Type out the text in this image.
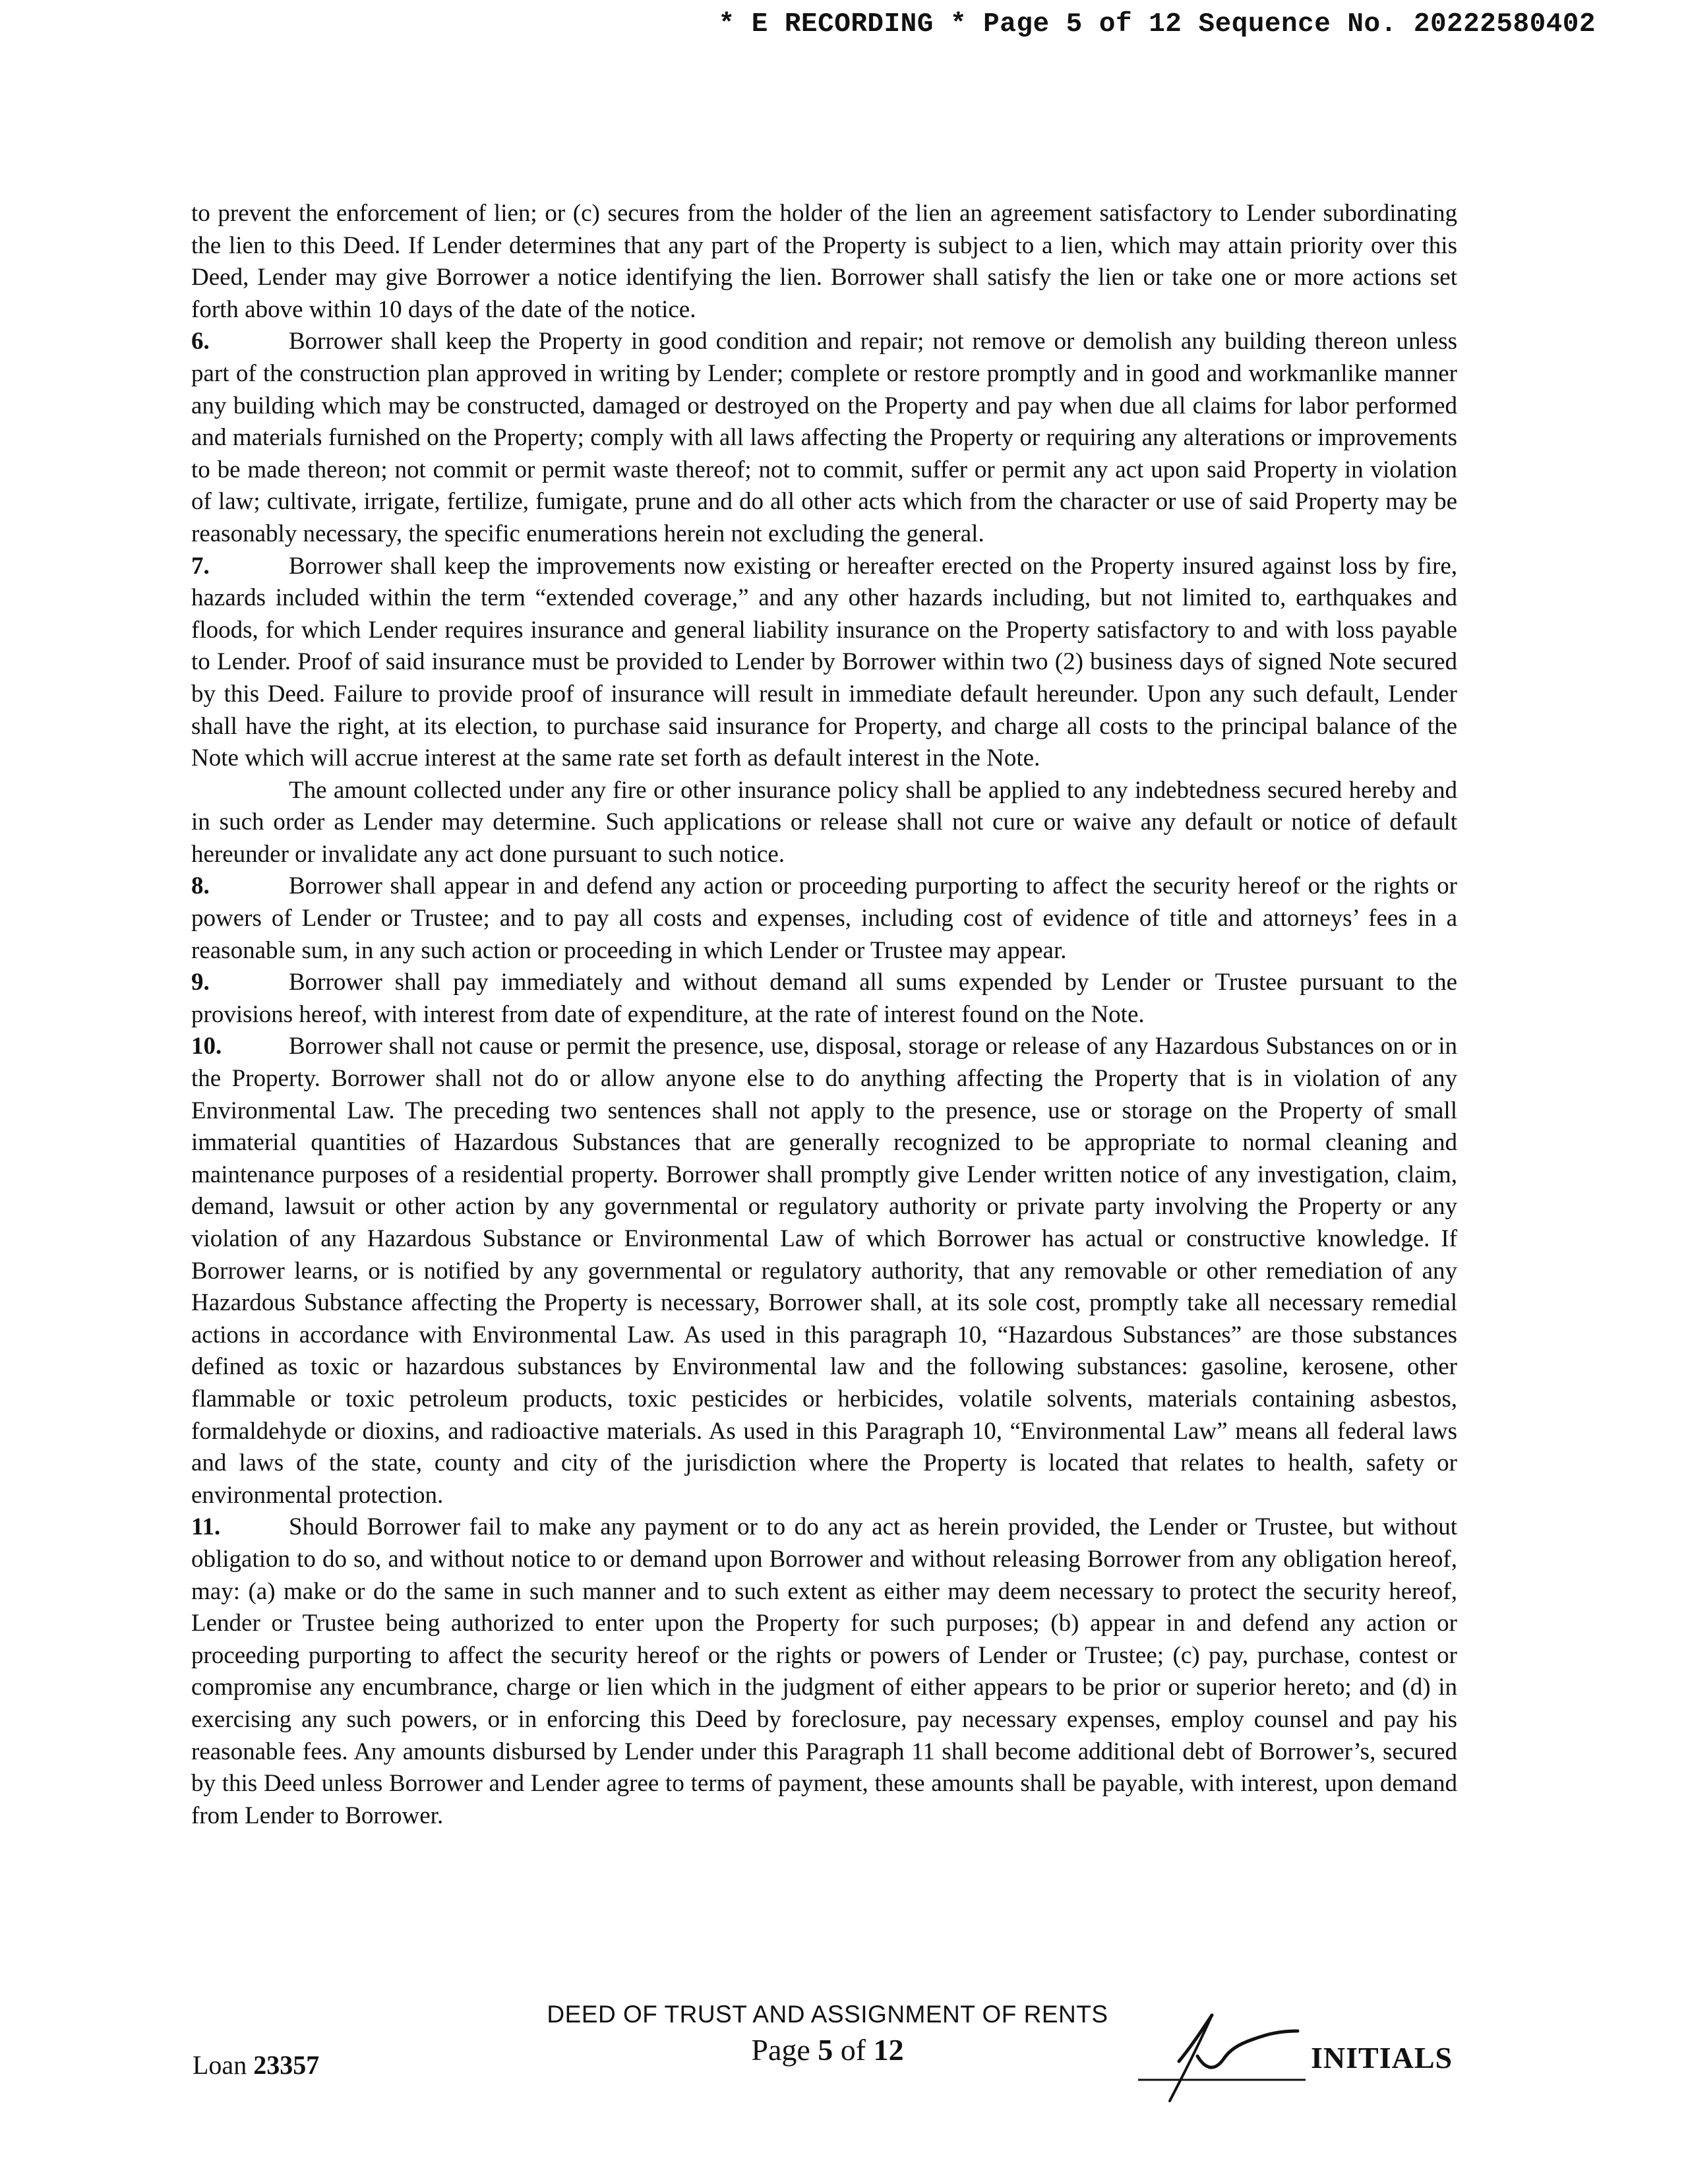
* E RECORDING * Page 5 of 12 Sequence No. 20222580402

to prevent the enforcement of lien; or (c) secures from the holder of the lien an agreement satisfactory to Lender subordinating the lien to this Deed. If Lender determines that any part of the Property is subject to a lien, which may attain priority over this Deed, Lender may give Borrower a notice identifying the lien. Borrower shall satisfy the lien or take one or more actions set forth above within 10 days of the date of the notice.

6.	Borrower shall keep the Property in good condition and repair; not remove or demolish any building thereon unless part of the construction plan approved in writing by Lender; complete or restore promptly and in good and workmanlike manner any building which may be constructed, damaged or destroyed on the Property and pay when due all claims for labor performed and materials furnished on the Property; comply with all laws affecting the Property or requiring any alterations or improvements to be made thereon; not commit or permit waste thereof; not to commit, suffer or permit any act upon said Property in violation of law; cultivate, irrigate, fertilize, fumigate, prune and do all other acts which from the character or use of said Property may be reasonably necessary, the specific enumerations herein not excluding the general.

7.	Borrower shall keep the improvements now existing or hereafter erected on the Property insured against loss by fire, hazards included within the term “extended coverage,” and any other hazards including, but not limited to, earthquakes and floods, for which Lender requires insurance and general liability insurance on the Property satisfactory to and with loss payable to Lender. Proof of said insurance must be provided to Lender by Borrower within two (2) business days of signed Note secured by this Deed. Failure to provide proof of insurance will result in immediate default hereunder. Upon any such default, Lender shall have the right, at its election, to purchase said insurance for Property, and charge all costs to the principal balance of the Note which will accrue interest at the same rate set forth as default interest in the Note.

The amount collected under any fire or other insurance policy shall be applied to any indebtedness secured hereby and in such order as Lender may determine. Such applications or release shall not cure or waive any default or notice of default hereunder or invalidate any act done pursuant to such notice.

8.	Borrower shall appear in and defend any action or proceeding purporting to affect the security hereof or the rights or powers of Lender or Trustee; and to pay all costs and expenses, including cost of evidence of title and attorneys’ fees in a reasonable sum, in any such action or proceeding in which Lender or Trustee may appear.

9.	Borrower shall pay immediately and without demand all sums expended by Lender or Trustee pursuant to the provisions hereof, with interest from date of expenditure, at the rate of interest found on the Note.

10.	Borrower shall not cause or permit the presence, use, disposal, storage or release of any Hazardous Substances on or in the Property. Borrower shall not do or allow anyone else to do anything affecting the Property that is in violation of any Environmental Law. The preceding two sentences shall not apply to the presence, use or storage on the Property of small immaterial quantities of Hazardous Substances that are generally recognized to be appropriate to normal cleaning and maintenance purposes of a residential property. Borrower shall promptly give Lender written notice of any investigation, claim, demand, lawsuit or other action by any governmental or regulatory authority or private party involving the Property or any violation of any Hazardous Substance or Environmental Law of which Borrower has actual or constructive knowledge. If Borrower learns, or is notified by any governmental or regulatory authority, that any removable or other remediation of any Hazardous Substance affecting the Property is necessary, Borrower shall, at its sole cost, promptly take all necessary remedial actions in accordance with Environmental Law. As used in this paragraph 10, “Hazardous Substances” are those substances defined as toxic or hazardous substances by Environmental law and the following substances: gasoline, kerosene, other flammable or toxic petroleum products, toxic pesticides or herbicides, volatile solvents, materials containing asbestos, formaldehyde or dioxins, and radioactive materials. As used in this Paragraph 10, “Environmental Law” means all federal laws and laws of the state, county and city of the jurisdiction where the Property is located that relates to health, safety or environmental protection.

11.	Should Borrower fail to make any payment or to do any act as herein provided, the Lender or Trustee, but without obligation to do so, and without notice to or demand upon Borrower and without releasing Borrower from any obligation hereof, may: (a) make or do the same in such manner and to such extent as either may deem necessary to protect the security hereof, Lender or Trustee being authorized to enter upon the Property for such purposes; (b) appear in and defend any action or proceeding purporting to affect the security hereof or the rights or powers of Lender or Trustee; (c) pay, purchase, contest or compromise any encumbrance, charge or lien which in the judgment of either appears to be prior or superior hereto; and (d) in exercising any such powers, or in enforcing this Deed by foreclosure, pay necessary expenses, employ counsel and pay his reasonable fees. Any amounts disbursed by Lender under this Paragraph 11 shall become additional debt of Borrower’s, secured by this Deed unless Borrower and Lender agree to terms of payment, these amounts shall be payable, with interest, upon demand from Lender to Borrower.

Loan 23357
DEED OF TRUST AND ASSIGNMENT OF RENTS
Page 5 of 12	INITIALS
